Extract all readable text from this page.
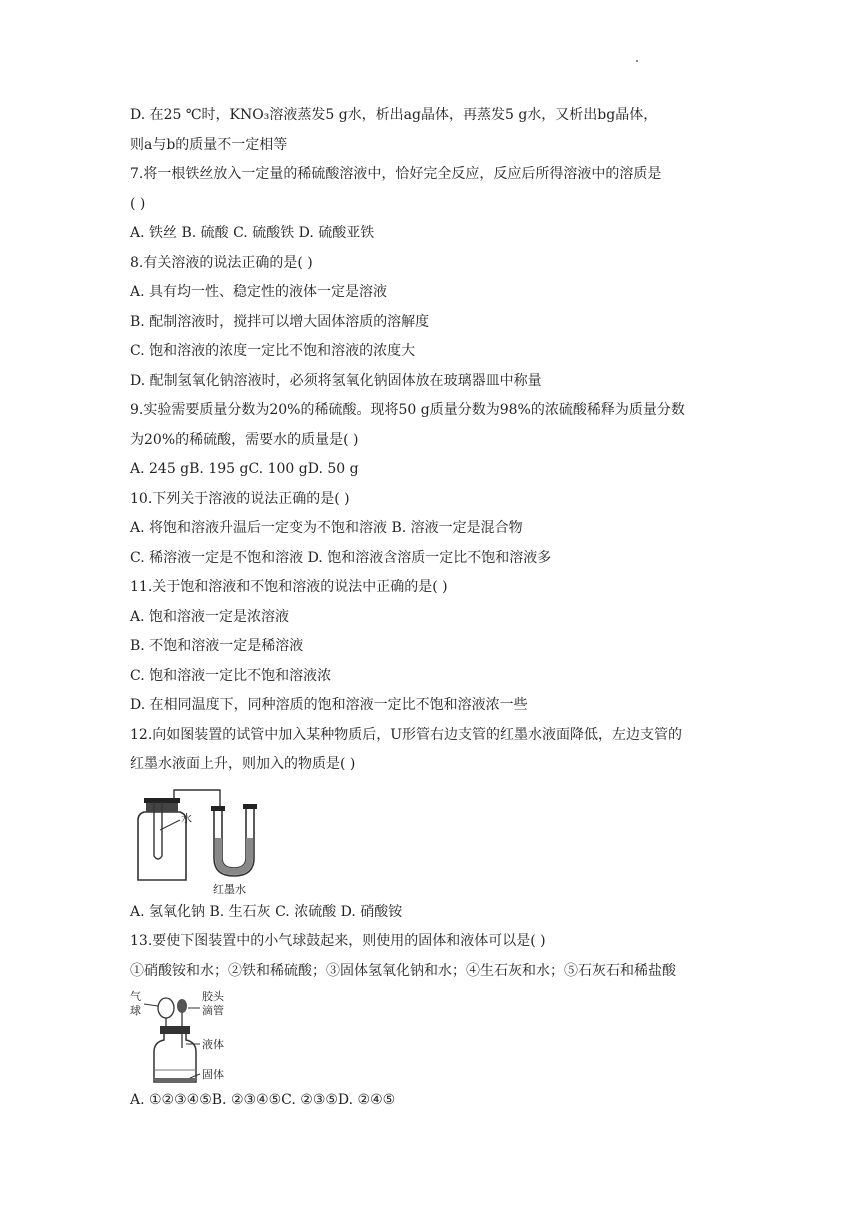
D. 在25 ℃时，KNO₃溶液蒸发5 g水，析出ag晶体，再蒸发5 g水，又析出bg晶体，
则a与b的质量不一定相等
7.将一根铁丝放入一定量的稀硫酸溶液中，恰好完全反应，反应后所得溶液中的溶质是
( )
A. 铁丝 B. 硫酸 C. 硫酸铁 D. 硫酸亚铁
8.有关溶液的说法正确的是( )
A. 具有均一性、稳定性的液体一定是溶液
B. 配制溶液时，搅拌可以增大固体溶质的溶解度
C. 饱和溶液的浓度一定比不饱和溶液的浓度大
D. 配制氢氧化钠溶液时，必须将氢氧化钠固体放在玻璃器皿中称量
9.实验需要质量分数为20%的稀硫酸。现将50 g质量分数为98%的浓硫酸稀释为质量分数
为20%的稀硫酸，需要水的质量是( )
A. 245 gB. 195 gC. 100 gD. 50 g
10.下列关于溶液的说法正确的是( )
A. 将饱和溶液升温后一定变为不饱和溶液 B. 溶液一定是混合物
C. 稀溶液一定是不饱和溶液 D. 饱和溶液含溶质一定比不饱和溶液多
11.关于饱和溶液和不饱和溶液的说法中正确的是( )
A. 饱和溶液一定是浓溶液
B. 不饱和溶液一定是稀溶液
C. 饱和溶液一定比不饱和溶液浓
D. 在相同温度下，同种溶质的饱和溶液一定比不饱和溶液浓一些
12.向如图装置的试管中加入某种物质后，U形管右边支管的红墨水液面降低，左边支管的
红墨水液面上升，则加入的物质是( )
水
红墨水
A. 氢氧化钠 B. 生石灰 C. 浓硫酸 D. 硝酸铵
13.要使下图装置中的小气球鼓起来，则使用的固体和液体可以是( )
①硝酸铵和水；②铁和稀硫酸；③固体氢氧化钠和水；④生石灰和水；⑤石灰石和稀盐酸
气
球
胶头
滴管
液体
固体
A. ①②③④⑤B. ②③④⑤C. ②③⑤D. ②④⑤
